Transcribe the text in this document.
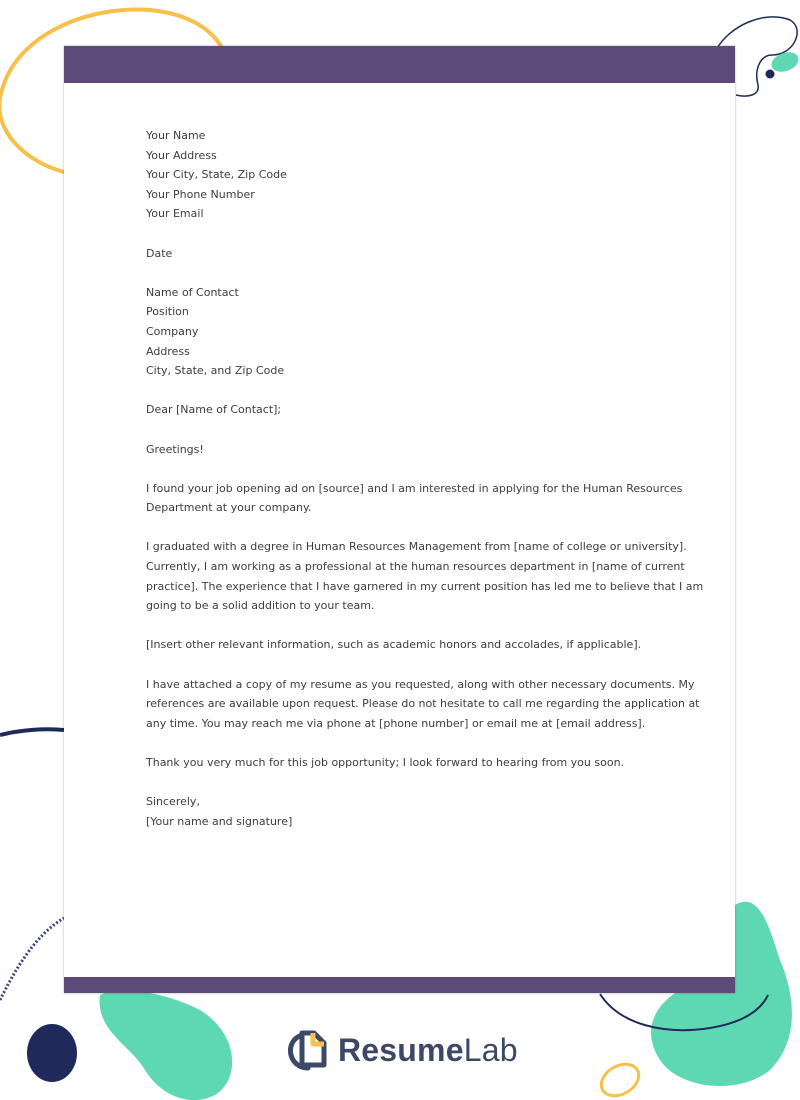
Your Name
Your Address
Your City, State, Zip Code
Your Phone Number
Your Email
Date
Name of Contact
Position
Company
Address
City, State, and Zip Code
Dear [Name of Contact];
Greetings!
I found your job opening ad on [source] and I am interested in applying for the Human Resources
Department at your company.
I graduated with a degree in Human Resources Management from [name of college or university].
Currently, I am working as a professional at the human resources department in [name of current
practice]. The experience that I have garnered in my current position has led me to believe that I am
going to be a solid addition to your team.
[Insert other relevant information, such as academic honors and accolades, if applicable].
I have attached a copy of my resume as you requested, along with other necessary documents. My
references are available upon request. Please do not hesitate to call me regarding the application at
any time. You may reach me via phone at [phone number] or email me at [email address].
Thank you very much for this job opportunity; I look forward to hearing from you soon.
Sincerely,
[Your name and signature]
ResumeLab
